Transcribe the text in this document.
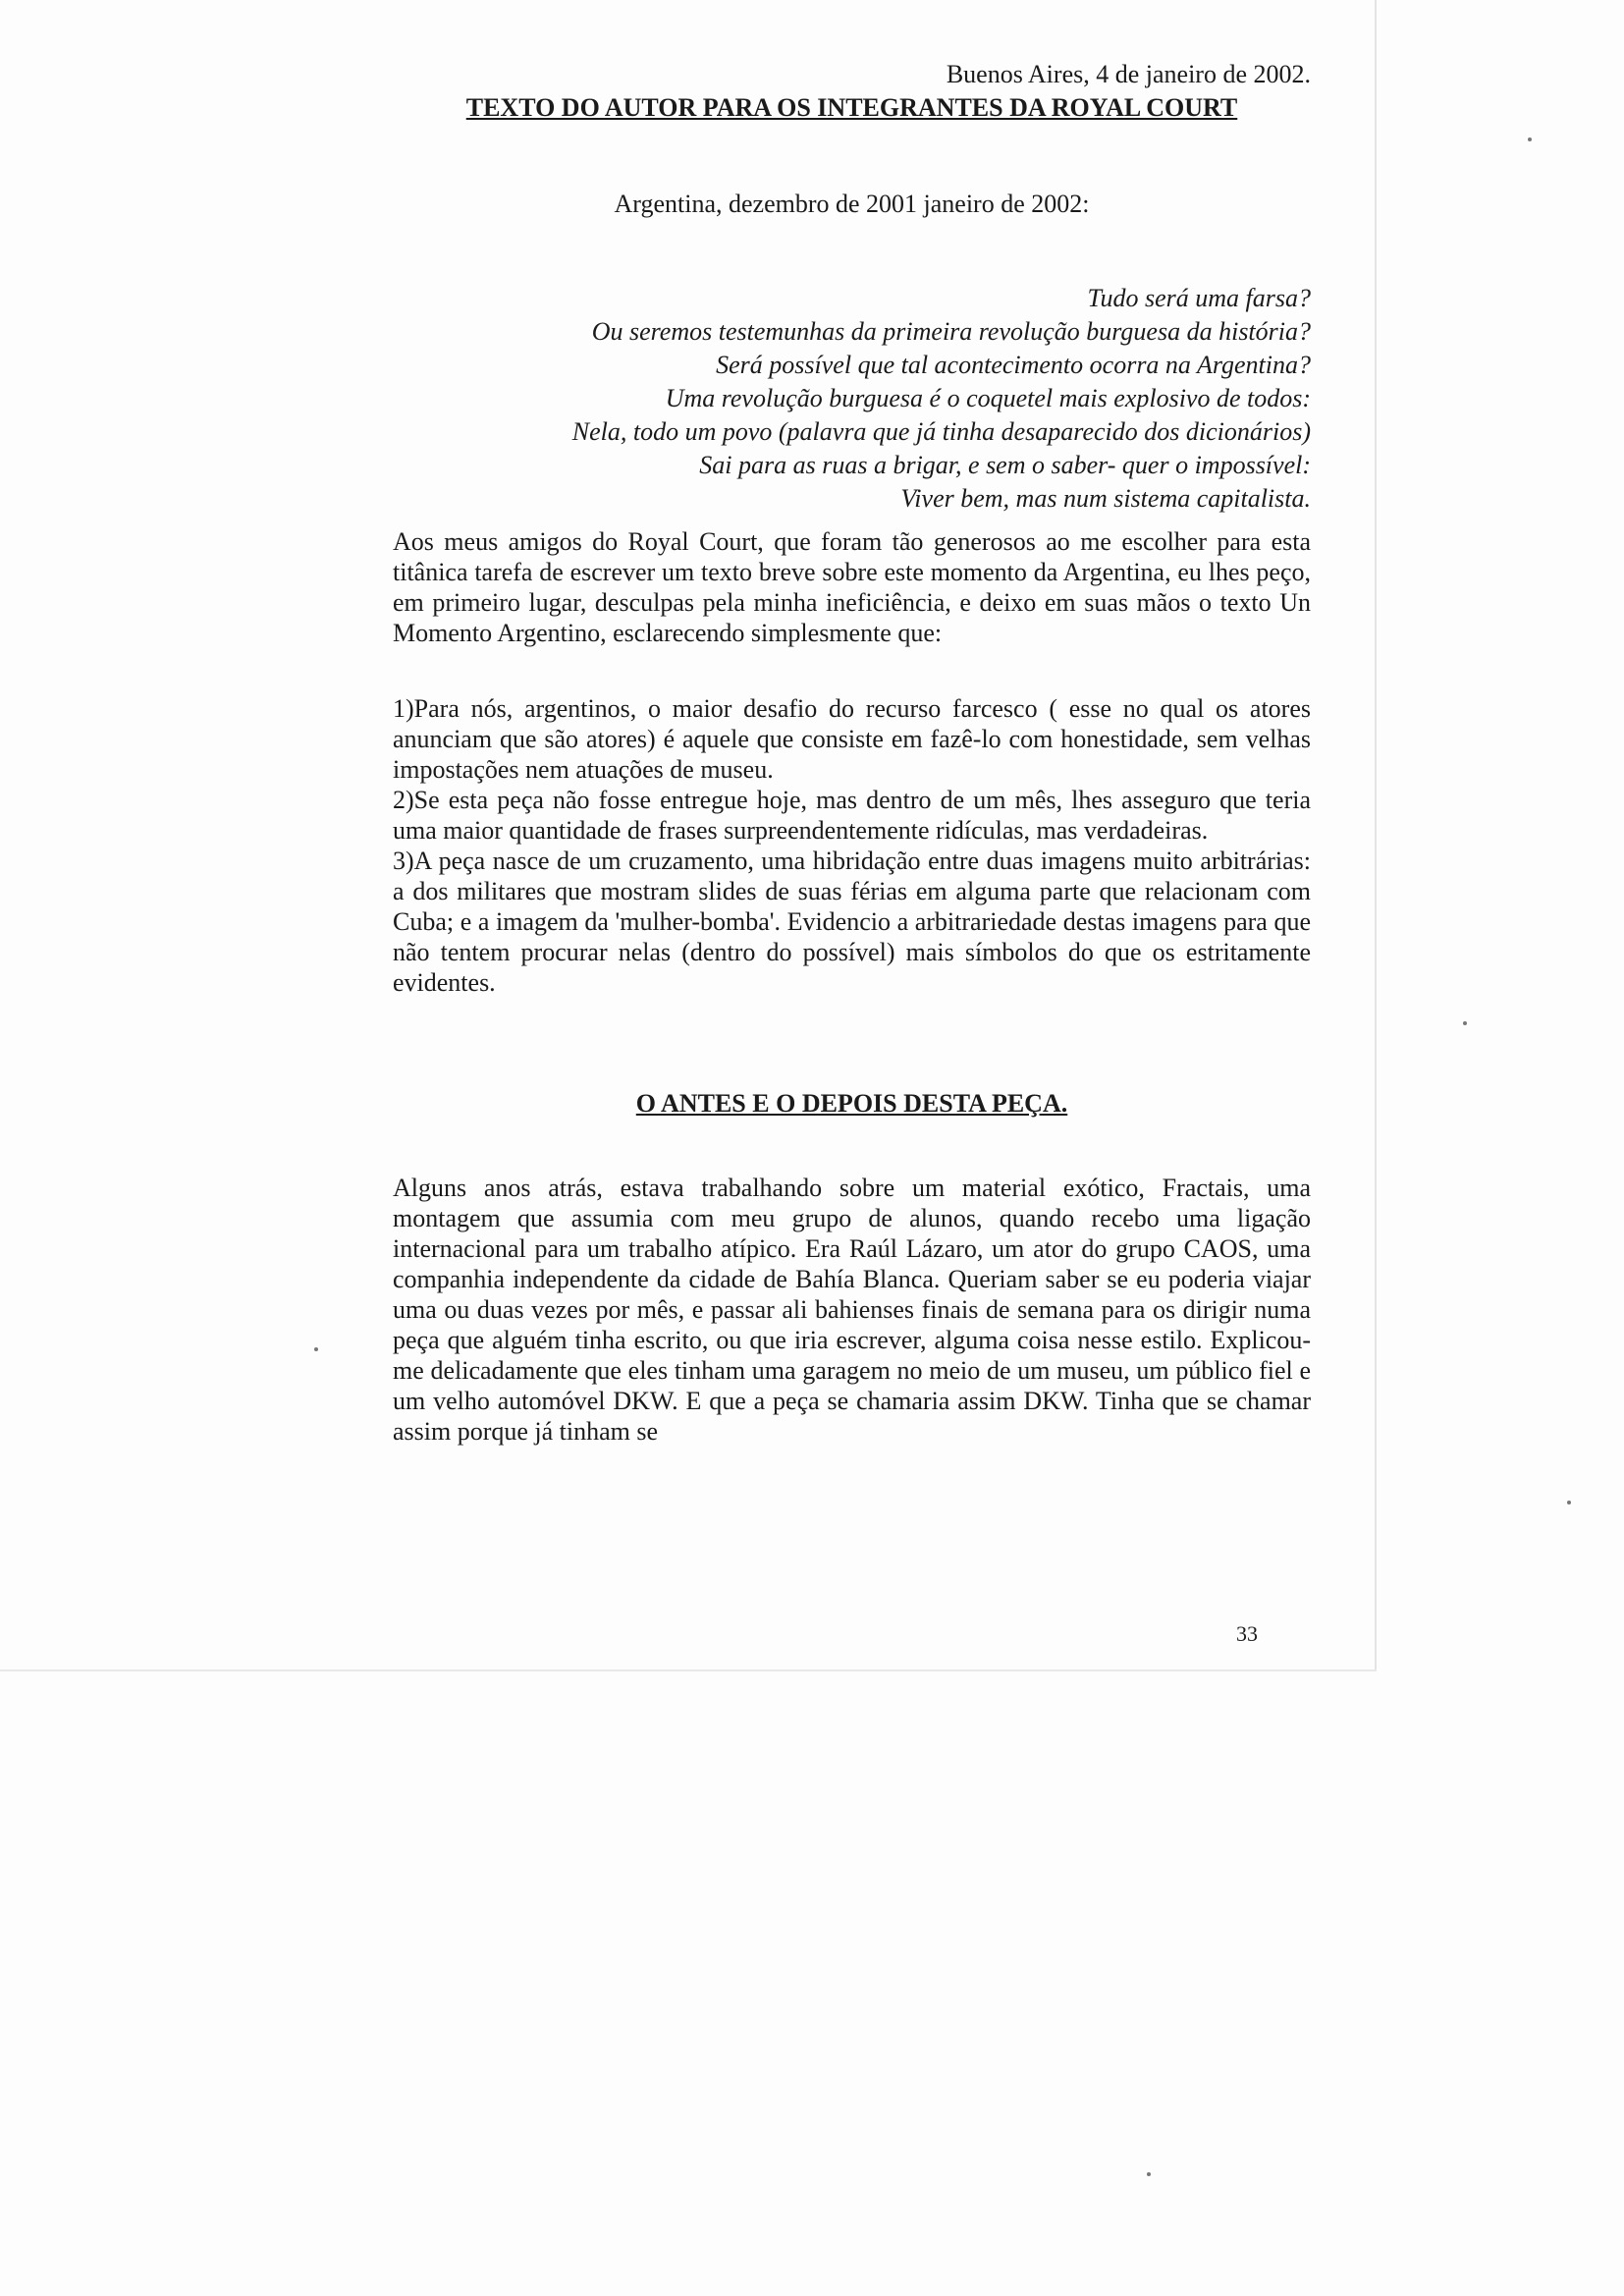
Buenos Aires, 4 de janeiro de 2002.

TEXTO DO AUTOR PARA OS INTEGRANTES DA ROYAL COURT

Argentina, dezembro de 2001 janeiro de 2002:

Tudo será uma farsa?
Ou seremos testemunhas da primeira revolução burguesa da história?
Será possível que tal acontecimento ocorra na Argentina?
Uma revolução burguesa é o coquetel mais explosivo de todos:
Nela, todo um povo (palavra que já tinha desaparecido dos dicionários)
Sai para as ruas a brigar, e sem o saber- quer o impossível:
Viver bem, mas num sistema capitalista.

Aos meus amigos do Royal Court, que foram tão generosos ao me escolher para esta titânica tarefa de escrever um texto breve sobre este momento da Argentina, eu lhes peço, em primeiro lugar, desculpas pela minha ineficiência, e deixo em suas mãos o texto Un Momento Argentino, esclarecendo simplesmente que:

1)Para nós, argentinos, o maior desafio do recurso farcesco ( esse no qual os atores anunciam que são atores) é aquele que consiste em fazê-lo com honestidade, sem velhas impostações nem atuações de museu.

2)Se esta peça não fosse entregue hoje, mas dentro de um mês, lhes asseguro que teria uma maior quantidade de frases surpreendentemente ridículas, mas verdadeiras.

3)A peça nasce de um cruzamento, uma hibridação entre duas imagens muito arbitrárias: a dos militares que mostram slides de suas férias em alguma parte que relacionam com Cuba; e a imagem da 'mulher-bomba'. Evidencio a arbitrariedade destas imagens para que não tentem procurar nelas (dentro do possível) mais símbolos do que os estritamente evidentes.

O ANTES E O DEPOIS DESTA PEÇA.

Alguns anos atrás, estava trabalhando sobre um material exótico, Fractais, uma montagem que assumia com meu grupo de alunos, quando recebo uma ligação internacional para um trabalho atípico. Era Raúl Lázaro, um ator do grupo CAOS, uma companhia independente da cidade de Bahía Blanca. Queriam saber se eu poderia viajar uma ou duas vezes por mês, e passar ali bahienses finais de semana para os dirigir numa peça que alguém tinha escrito, ou que iria escrever, alguma coisa nesse estilo. Explicou-me delicadamente que eles tinham uma garagem no meio de um museu, um público fiel e um velho automóvel DKW. E que a peça se chamaria assim DKW. Tinha que se chamar assim porque já tinham se

33
